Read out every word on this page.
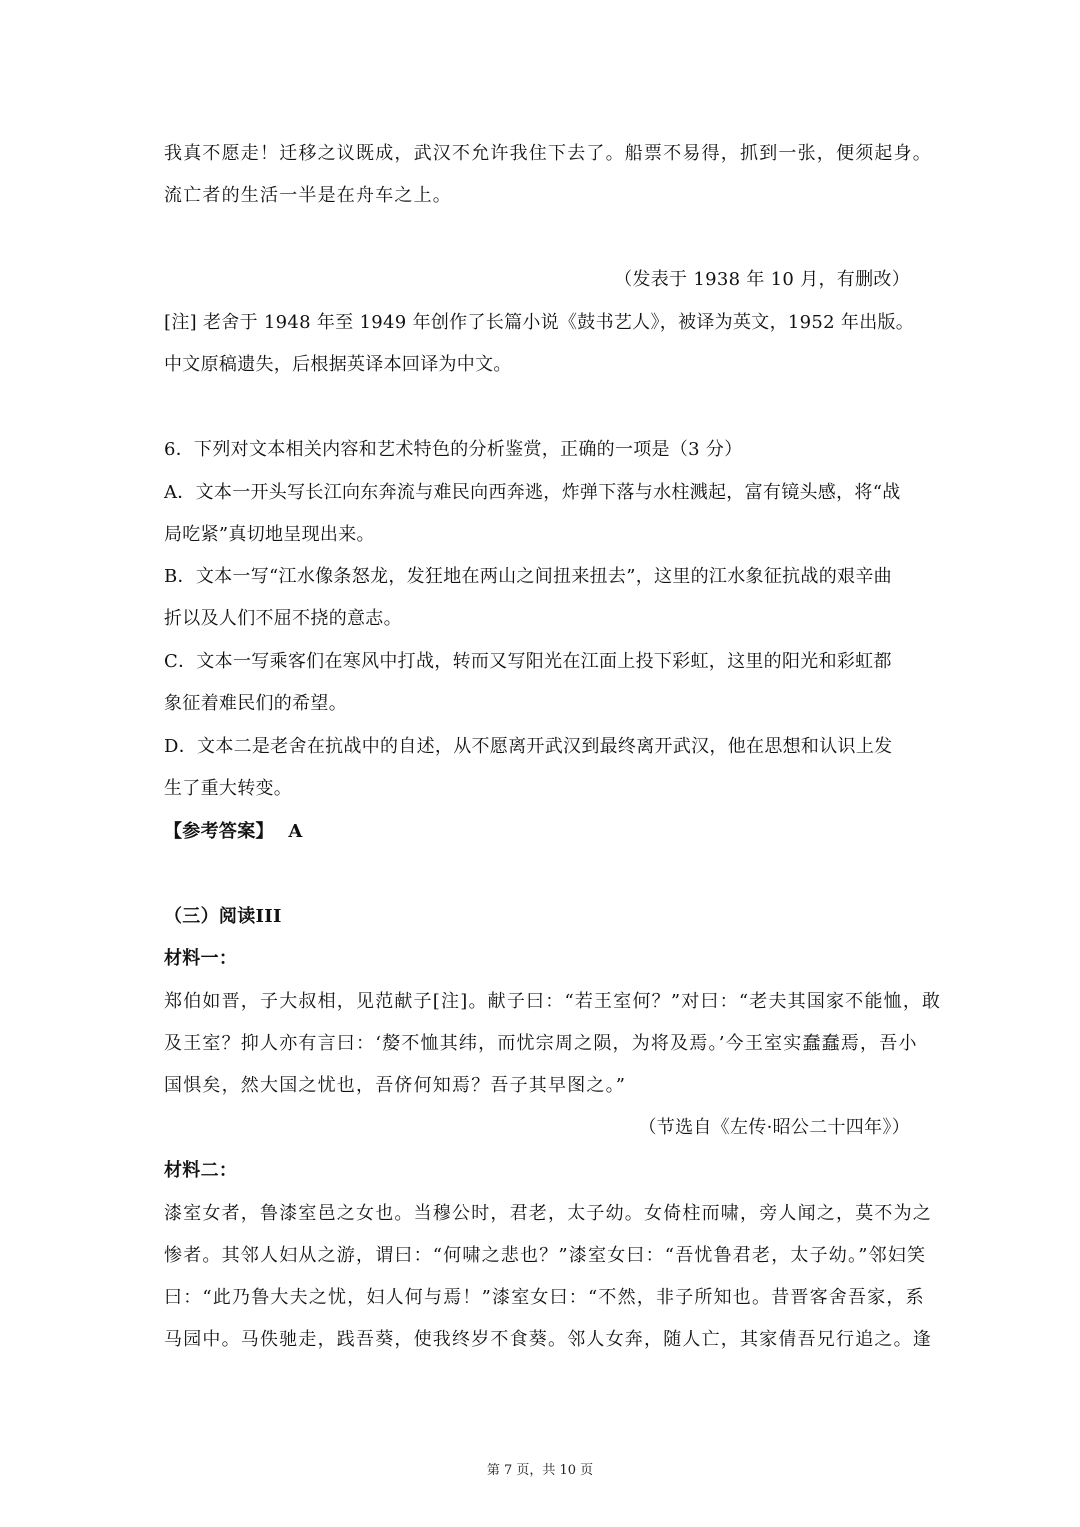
我真不愿走！迁移之议既成，武汉不允许我住下去了。船票不易得，抓到一张，便须起身。
流亡者的生活一半是在舟车之上。
（发表于 1938 年 10 月，有删改）
[注] 老舍于 1948 年至 1949 年创作了长篇小说《鼓书艺人》，被译为英文，1952 年出版。
中文原稿遗失，后根据英译本回译为中文。
6．下列对文本相关内容和艺术特色的分析鉴赏，正确的一项是（3 分）
A．文本一开头写长江向东奔流与难民向西奔逃，炸弹下落与水柱溅起，富有镜头感，将“战
局吃紧”真切地呈现出来。
B．文本一写“江水像条怒龙，发狂地在两山之间扭来扭去”，这里的江水象征抗战的艰辛曲
折以及人们不屈不挠的意志。
C．文本一写乘客们在寒风中打战，转而又写阳光在江面上投下彩虹，这里的阳光和彩虹都
象征着难民们的希望。
D．文本二是老舍在抗战中的自述，从不愿离开武汉到最终离开武汉，他在思想和认识上发
生了重大转变。
【参考答案】 A
（三）阅读III
材料一：
郑伯如晋，子大叔相，见范献子[注]。献子曰：“若王室何？”对曰：“老夫其国家不能恤，敢
及王室？抑人亦有言曰：‘嫠不恤其纬，而忧宗周之陨，为将及焉。’今王室实蠢蠢焉，吾小
国惧矣，然大国之忧也，吾侪何知焉？吾子其早图之。”
（节选自《左传·昭公二十四年》）
材料二：
漆室女者，鲁漆室邑之女也。当穆公时，君老，太子幼。女倚柱而啸，旁人闻之，莫不为之
惨者。其邻人妇从之游，谓曰：“何啸之悲也？”漆室女曰：“吾忧鲁君老，太子幼。”邻妇笑
曰：“此乃鲁大夫之忧，妇人何与焉！”漆室女曰：“不然，非子所知也。昔晋客舍吾家，系
马园中。马佚驰走，践吾葵，使我终岁不食葵。邻人女奔，随人亡，其家倩吾兄行追之。逢
第 7 页，共 10 页
